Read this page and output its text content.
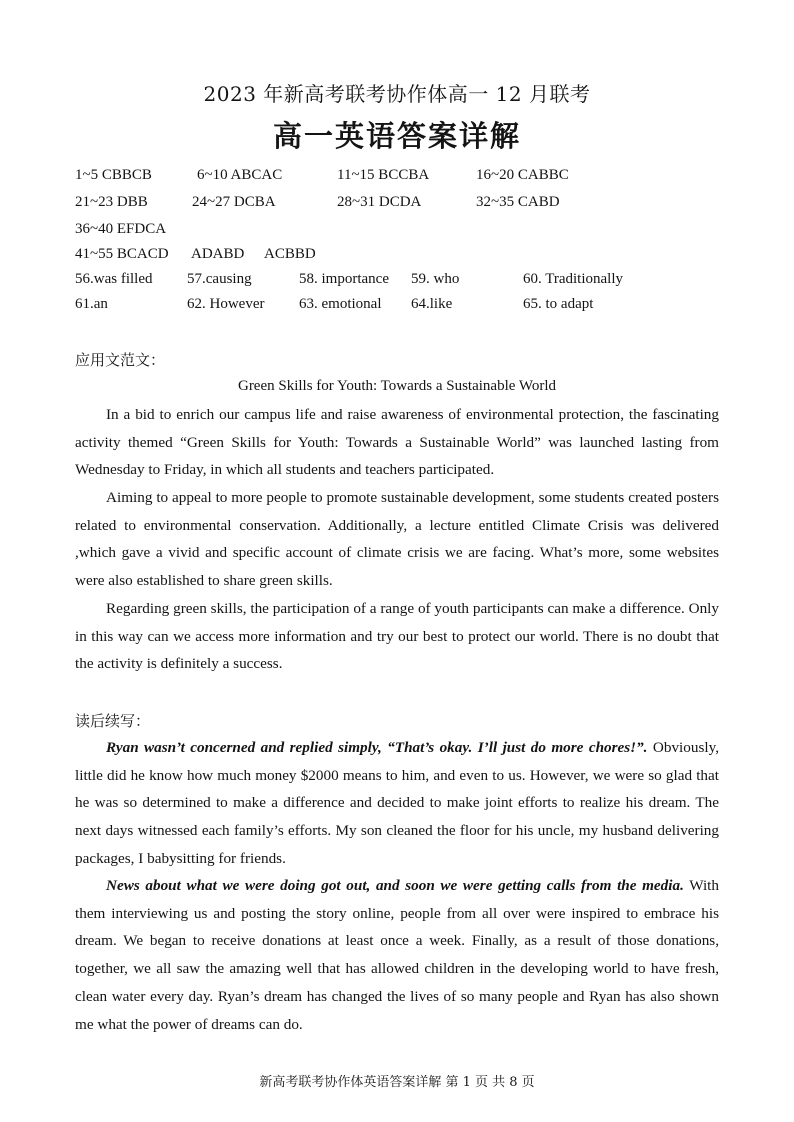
2023 年新高考联考协作体高一 12 月联考
高一英语答案详解
1~5 CBBCB	6~10 ABCAC	11~15 BCCBA	16~20 CABBC
21~23 DBB	24~27 DCBA	28~31 DCDA	32~35 CABD
36~40 EFDCA
41~55 BCACD ADABD ACBBD
56.was filled 57.causing	58. importance 59. who	60. Traditionally
61.an	62. However 63. emotional 64.like	65. to adapt
应用文范文：
Green Skills for Youth: Towards a Sustainable World

In a bid to enrich our campus life and raise awareness of environmental protection, the fascinating activity themed “Green Skills for Youth: Towards a Sustainable World” was launched lasting from Wednesday to Friday, in which all students and teachers participated.

Aiming to appeal to more people to promote sustainable development, some students created posters related to environmental conservation. Additionally, a lecture entitled Climate Crisis was delivered ,which gave a vivid and specific account of climate crisis we are facing. What’s more, some websites were also established to share green skills.

Regarding green skills, the participation of a range of youth participants can make a difference. Only in this way can we access more information and try our best to protect our world. There is no doubt that the activity is definitely a success.

读后续写：

Ryan wasn’t concerned and replied simply, “That’s okay. I’ll just do more chores!”. Obviously, little did he know how much money $2000 means to him, and even to us. However, we were so glad that he was so determined to make a difference and decided to make joint efforts to realize his dream. The next days witnessed each family’s efforts. My son cleaned the floor for his uncle, my husband delivering packages, I babysitting for friends.

News about what we were doing got out, and soon we were getting calls from the media. With them interviewing us and posting the story online, people from all over were inspired to embrace his dream. We began to receive donations at least once a week. Finally, as a result of those donations, together, we all saw the amazing well that has allowed children in the developing world to have fresh, clean water every day. Ryan’s dream has changed the lives of so many people and Ryan has also shown me what the power of dreams can do.

新高考联考协作体英语答案详解 第 1 页 共 8 页
